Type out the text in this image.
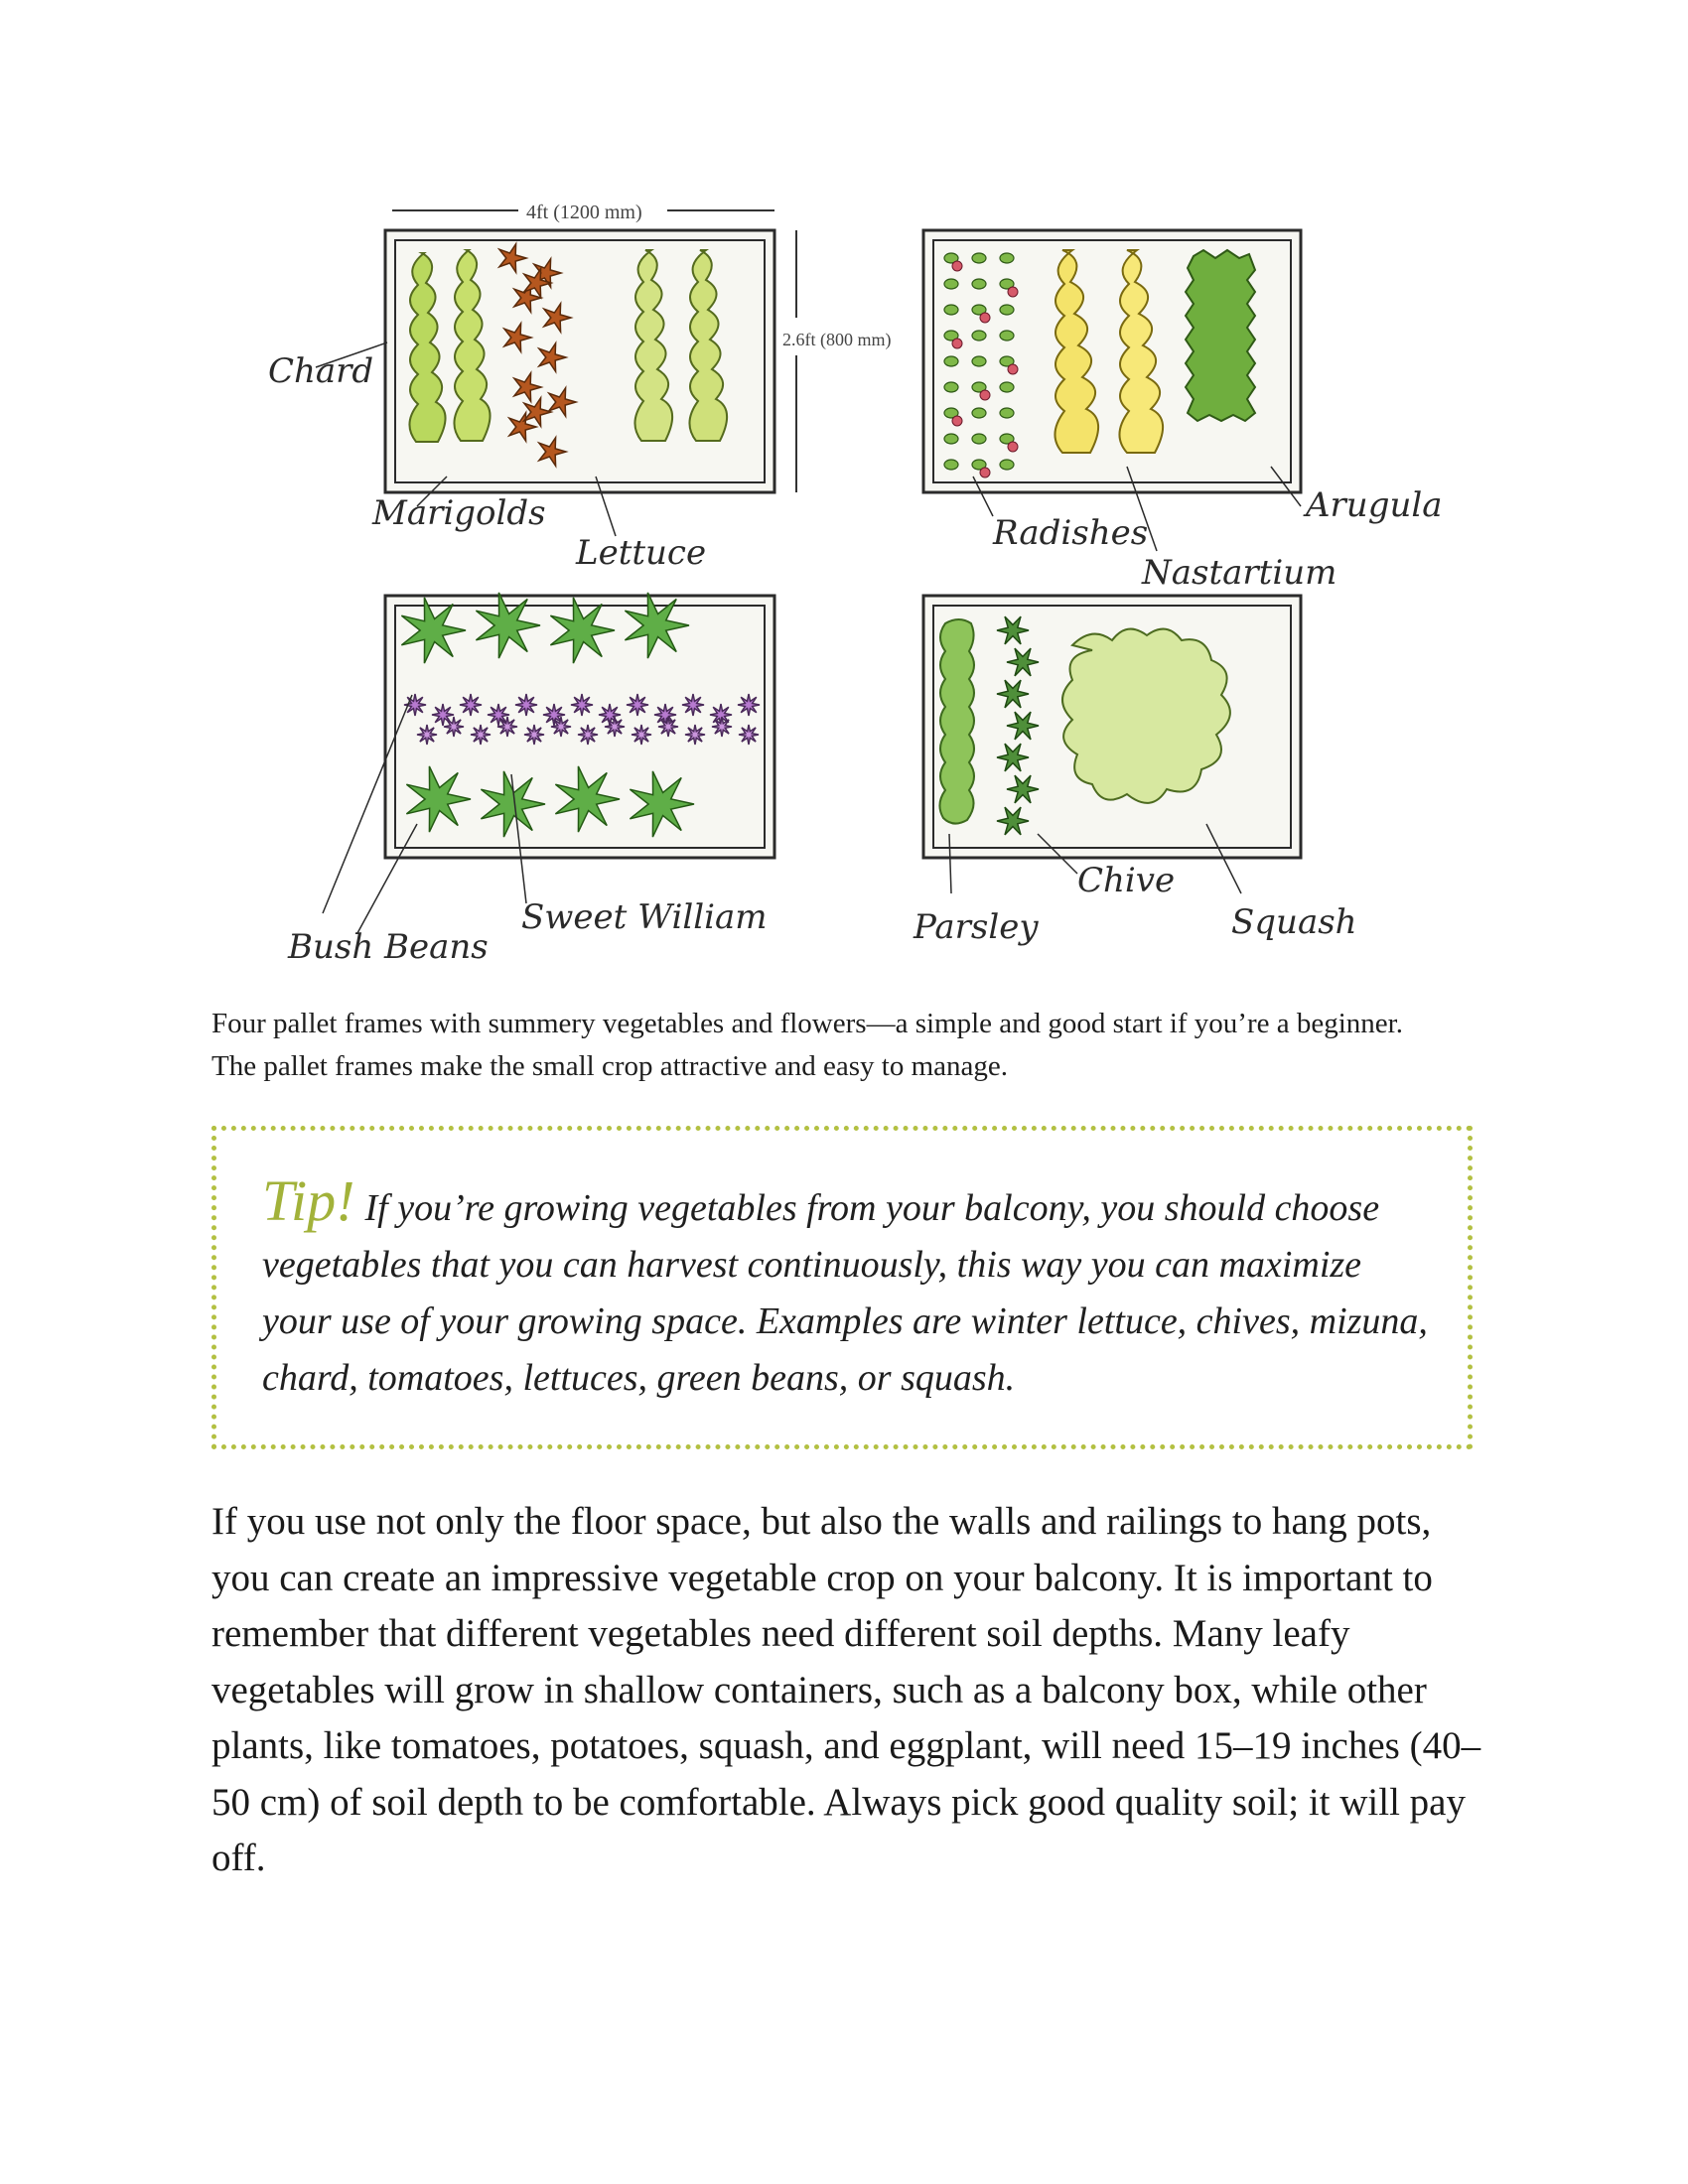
4ft (1200 mm)
2.6ft (800 mm)
Chard
Marigolds
Lettuce	Radishes
Nastartium
Arugula
Bush Beans
Sweet William	Parsley
Chive
Squash

Four pallet frames with summery vegetables and flowers—a simple and good start if you’re a beginner.

The pallet frames make the small crop attractive and easy to manage.

Tip! If you’re growing vegetables from your balcony, you should choose vegetables that you can harvest continuously, this way you can maximize your use of your growing space. Examples are winter lettuce, chives, mizuna, chard, tomatoes, lettuces, green beans, or squash.

If you use not only the floor space, but also the walls and railings to hang pots, you can create an impressive vegetable crop on your balcony. It is important to remember that different vegetables need different soil depths. Many leafy vegetables will grow in shallow containers, such as a balcony box, while other plants, like tomatoes, potatoes, squash, and eggplant, will need 15–19 inches (40–50 cm) of soil depth to be comfortable. Always pick good quality soil; it will pay off.
